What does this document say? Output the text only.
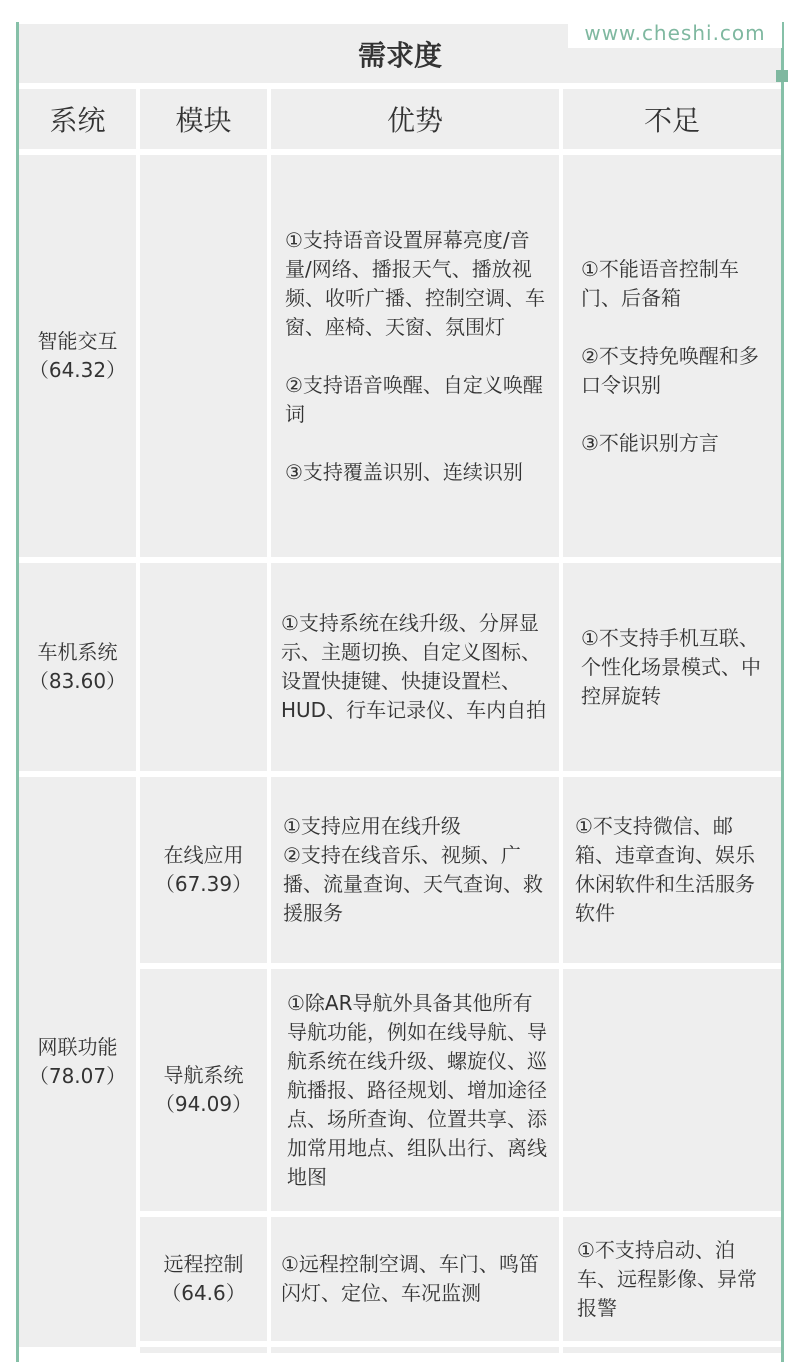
需求度
www.cheshi.com
系统 模块	优势	不足
智能交互
（64.32）

①支持语音设置屏幕亮度/音量/网络、播报天气、播放视频、收听广播、控制空调、车窗、座椅、天窗、氛围灯

②支持语音唤醒、自定义唤醒词

③支持覆盖识别、连续识别

①不能语音控制车门、后备箱

②不支持免唤醒和多口令识别

③不能识别方言

车机系统
（83.60）

①支持系统在线升级、分屏显示、主题切换、自定义图标、设置快捷键、快捷设置栏、HUD、行车记录仪、车内自拍

①不支持手机互联、个性化场景模式、中控屏旋转

网联功能
（78.07）
在线应用
（67.39）

①支持应用在线升级

②支持在线音乐、视频、广播、流量查询、天气查询、救援服务

①不支持微信、邮箱、违章查询、娱乐休闲软件和生活服务软件

导航系统
（94.09）

①除AR导航外具备其他所有导航功能，例如在线导航、导航系统在线升级、螺旋仪、巡航播报、路径规划、增加途径点、场所查询、位置共享、添加常用地点、组队出行、离线地图

远程控制
（64.6）

①远程控制空调、车门、鸣笛闪灯、定位、车况监测

①不支持启动、泊车、远程影像、异常报警
